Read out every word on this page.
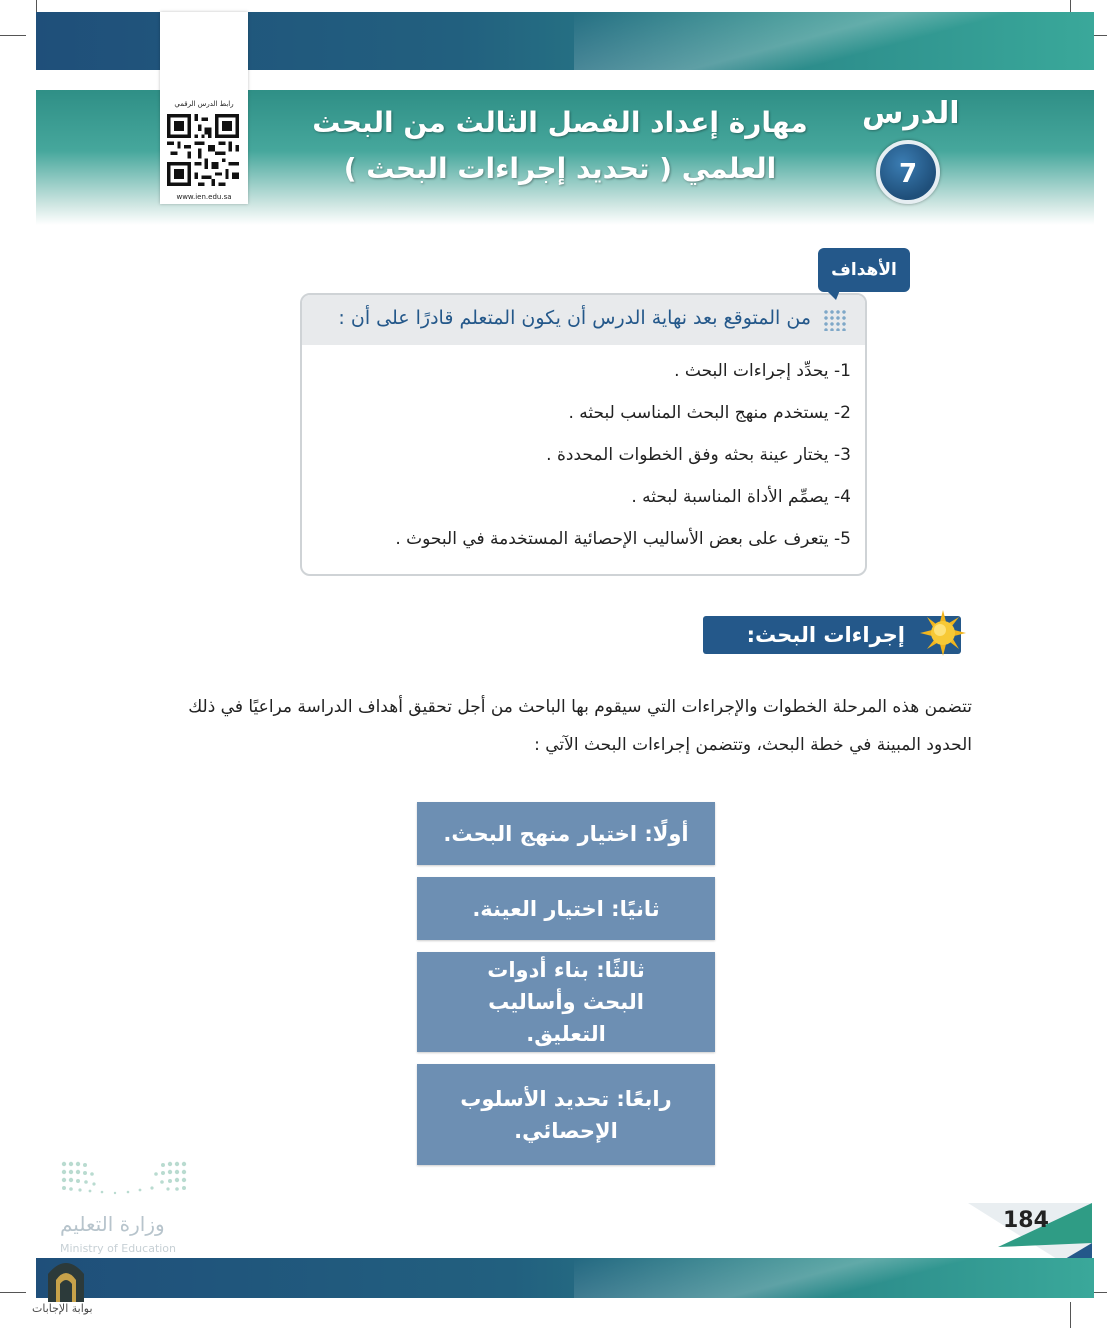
رابط الدرس الرقمي
www.ien.edu.sa
الدرس
7
مهارة إعداد الفصل الثالث من البحث
العلمي ( تحديد إجراءات البحث )
من المتوقع بعد نهاية الدرس أن يكون المتعلم قادرًا على أن :
1- يحدِّد إجراءات البحث .
2- يستخدم منهج البحث المناسب لبحثه .
3- يختار عينة بحثه وفق الخطوات المحددة .
4- يصمِّم الأداة المناسبة لبحثه .
5- يتعرف على بعض الأساليب الإحصائية المستخدمة في البحوث .
الأهداف
إجراءات البحث:
تتضمن هذه المرحلة الخطوات والإجراءات التي سيقوم بها الباحث من أجل تحقيق أهداف الدراسة مراعيًا في ذلك الحدود المبينة في خطة البحث، وتتضمن إجراءات البحث الآتي :
أولًا: اختيار منهج البحث.
ثانيًا: اختيار العينة.
ثالثًا: بناء أدوات البحث وأساليب التعليق.
رابعًا: تحديد الأسلوب الإحصائي.
وزارة التعليم
Ministry of Education
184
بوابة الإجابات
